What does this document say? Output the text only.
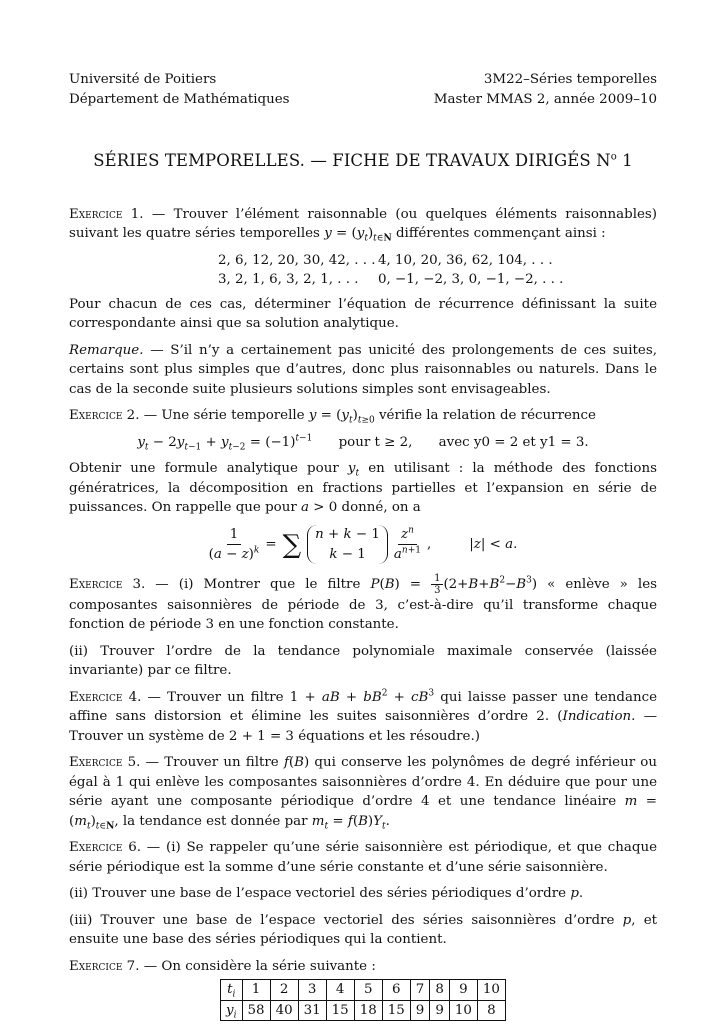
Université de Poitiers
Département de Mathématiques
3M22–Séries temporelles
Master MMAS 2, année 2009–10
SÉRIES TEMPORELLES. — FICHE DE TRAVAUX DIRIGÉS $N^o$ 1

Exercice 1. — Trouver l’élément raisonnable (ou quelques éléments raisonnables) suivant les quatre séries temporelles $y = (y_t)_{t\in N}$ différentes commençant ainsi :

2, 6, 12, 20, 30, 42, . . . 4, 10, 20, 36, 62, 104, . . .
3, 2, 1, 6, 3, 2, 1, . . . 0, −1, −2, 3, 0, −1, −2, . . .

Pour chacun de ces cas, déterminer l’équation de récurrence définissant la suite correspondante ainsi que sa solution analytique.

Remarque. — S’il n’y a certainement pas unicité des prolongements de ces suites, certains sont plus simples que d’autres, donc plus raisonnables ou naturels. Dans le cas de la seconde suite plusieurs solutions simples sont envisageables.

Exercice 2. — Une série temporelle $y = (y_t)_{t\ge 0}$ vérifie la relation de récurrence

$y_t - 2y_{t-1} + y_{t-2} = (-1)^{t-1}$ pour t ≥ 2, avec y0 = 2 et y1 = 3.

Obtenir une formule analytique pour $y_t$ en utilisant : la méthode des fonctions génératrices, la décomposition en fractions partielles et l’expansion en série de puissances. On rappelle que pour a > 0 donné, on a

$\frac{1}{(a - z)^k}$ = ∑ n + k − 1
$k - 1 \frac{z^n}{a^{n+1}}$ ,	|z| < a.

Exercice 3. — (i) Montrer que le filtre $P(B) = \frac{1}{3} (2+B+B^2-B^3)$ « enlève » les composantes saisonnières de période de 3, c’est-à-dire qu’il transforme chaque fonction de période 3 en une fonction constante.

(ii) Trouver l’ordre de la tendance polynomiale maximale conservée (laissée invariante) par ce filtre.

Exercice 4. — Trouver un filtre 1 + aB + $bB^2 + cB^3$ qui laisse passer une tendance affine sans distorsion et élimine les suites saisonnières d’ordre 2. (Indication. — Trouver un système de 2 + 1 = 3 équations et les résoudre.)

Exercice 5. — Trouver un filtre f(B) qui conserve les polynômes de degré inférieur ou égal à 1 qui enlève les composantes saisonnières d’ordre 4. En déduire que pour une série ayant une composante périodique d’ordre 4 et une tendance linéaire $m = (m_t)_{t\in N}$, la tendance est donnée par $m_t = f(B)Y_t$.

Exercice 6. — (i) Se rappeler qu’une série saisonnière est périodique, et que chaque série périodique est la somme d’une série constante et d’une série saisonnière.

(ii) Trouver une base de l’espace vectoriel des séries périodiques d’ordre p.

(iii) Trouver une base de l’espace vectoriel des séries saisonnières d’ordre p, et ensuite une base des séries périodiques qui la contient.

Exercice 7. — On considère la série suivante :

$t_i$	1	2	3	4	5	6	7	8	9	10
$y_i$	58	40	31	15	18	15	9	9	10	8
